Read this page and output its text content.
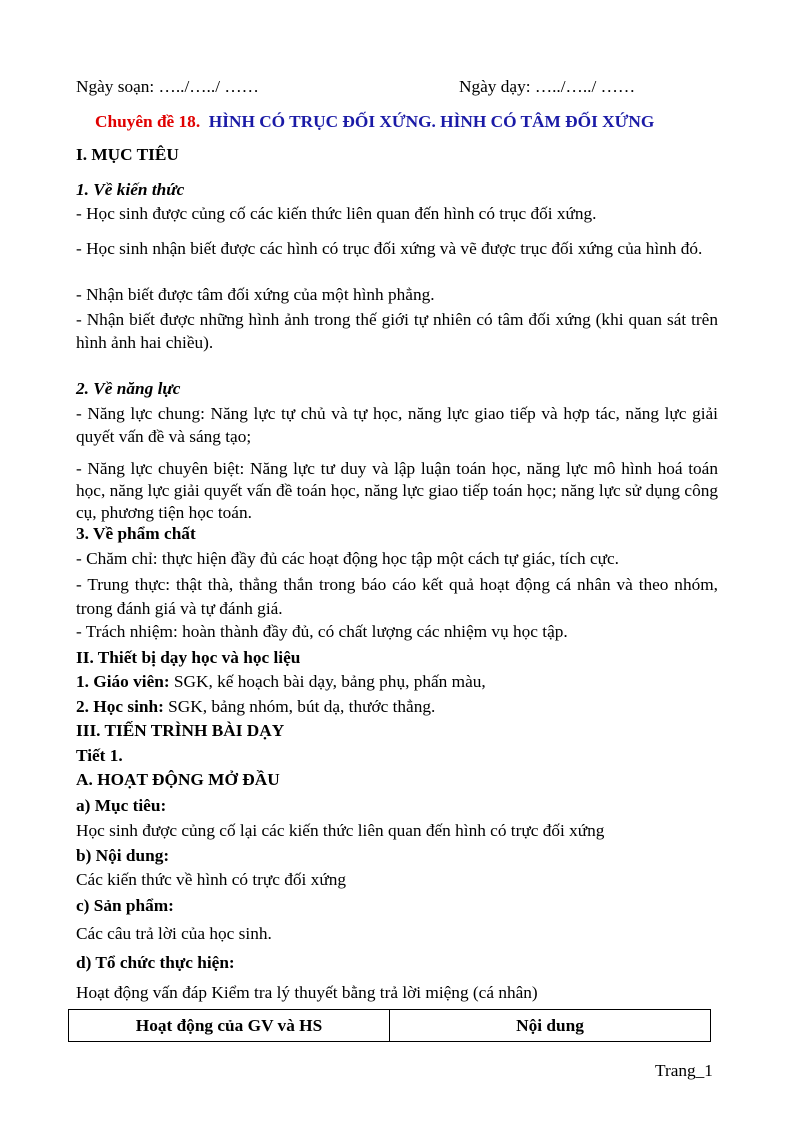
Ngày soạn: …../…../ ……	Ngày dạy: …../…../ ……
Chuyên đề 18. HÌNH CÓ TRỤC ĐỐI XỨNG. HÌNH CÓ TÂM ĐỐI XỨNG
I. MỤC TIÊU
1. Về kiến thức
- Học sinh được củng cố các kiến thức liên quan đến hình có trục đối xứng.
- Học sinh nhận biết được các hình có trục đối xứng và vẽ được trục đối xứng của hình đó.
- Nhận biết được tâm đối xứng của một hình phẳng.
- Nhận biết được những hình ảnh trong thế giới tự nhiên có tâm đối xứng (khi quan sát trên hình ảnh hai chiều).
2. Về năng lực
- Năng lực chung: Năng lực tự chủ và tự học, năng lực giao tiếp và hợp tác, năng lực giải quyết vấn đề và sáng tạo;
- Năng lực chuyên biệt: Năng lực tư duy và lập luận toán học, năng lực mô hình hoá toán học, năng lực giải quyết vấn đề toán học, năng lực giao tiếp toán học; năng lực sử dụng công cụ, phương tiện học toán.
3. Về phẩm chất
- Chăm chỉ: thực hiện đầy đủ các hoạt động học tập một cách tự giác, tích cực.
- Trung thực: thật thà, thẳng thắn trong báo cáo kết quả hoạt động cá nhân và theo nhóm, trong đánh giá và tự đánh giá.
- Trách nhiệm: hoàn thành đầy đủ, có chất lượng các nhiệm vụ học tập.
II. Thiết bị dạy học và học liệu
1. Giáo viên: SGK, kế hoạch bài dạy, bảng phụ, phấn màu,
2. Học sinh: SGK, bảng nhóm, bút dạ, thước thẳng.
III. TIẾN TRÌNH BÀI DẠY
Tiết 1.
A. HOẠT ĐỘNG MỞ ĐẦU
a) Mục tiêu:
Học sinh được củng cố lại các kiến thức liên quan đến hình có trực đối xứng
b) Nội dung:
Các kiến thức về hình có trực đối xứng
c) Sản phẩm:
Các câu trả lời của học sinh.
d) Tổ chức thực hiện:
Hoạt động vấn đáp Kiểm tra lý thuyết bằng trả lời miệng (cá nhân)
Hoạt động của GV và HS	Nội dung
Trang_1
